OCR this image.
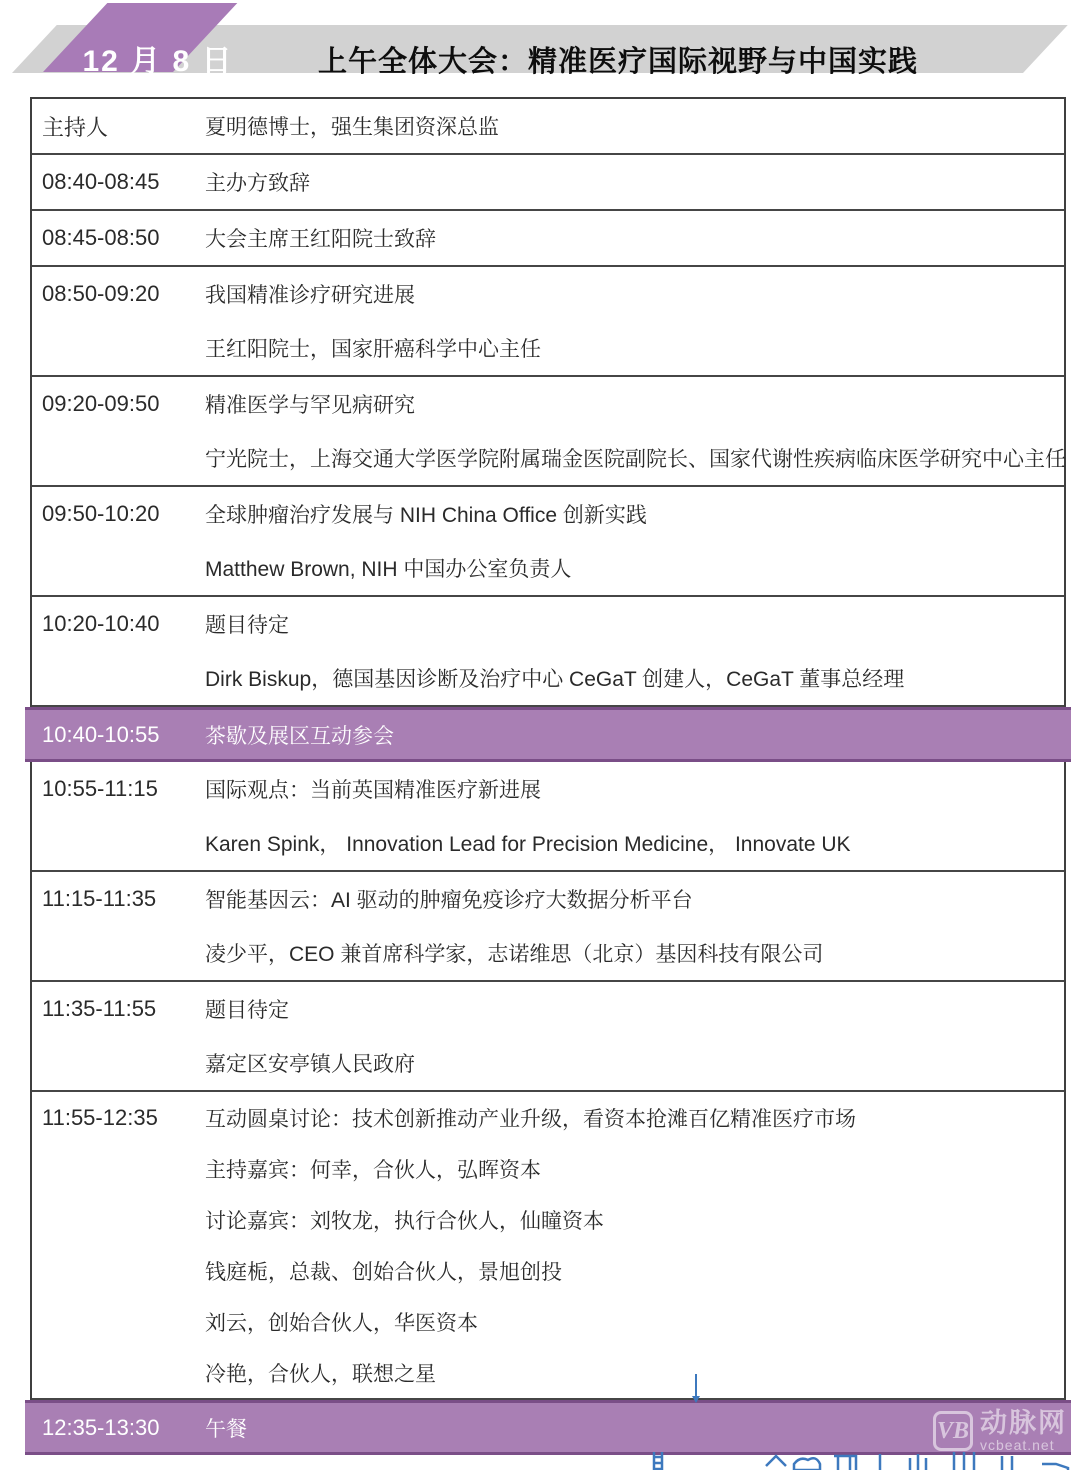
12 月 8 日	上午全体大会：精准医疗国际视野与中国实践
主持人	夏明德博士，强生集团资深总监
08:40-08:45	主办方致辞
08:45-08:50	大会主席王红阳院士致辞
08:50-09:20	我国精准诊疗研究进展
王红阳院士，国家肝癌科学中心主任
09:20-09:50	精准医学与罕见病研究
宁光院士，上海交通大学医学院附属瑞金医院副院长、国家代谢性疾病临床医学研究中心主任
09:50-10:20	全球肿瘤治疗发展与 NIH China Office 创新实践
Matthew Brown, NIH 中国办公室负责人
10:20-10:40	题目待定
Dirk Biskup，德国基因诊断及治疗中心 CeGaT 创建人，CeGaT 董事总经理
10:40-10:55	茶歇及展区互动参会
10:55-11:15	国际观点：当前英国精准医疗新进展
Karen Spink， Innovation Lead for Precision Medicine， Innovate UK
11:15-11:35	智能基因云：AI 驱动的肿瘤免疫诊疗大数据分析平台
凌少平，CEO 兼首席科学家，志诺维思（北京）基因科技有限公司
11:35-11:55	题目待定
嘉定区安亭镇人民政府
11:55-12:35	互动圆桌讨论：技术创新推动产业升级，看资本抢滩百亿精准医疗市场
主持嘉宾：何幸，合伙人，弘晖资本
讨论嘉宾：刘牧龙，执行合伙人，仙瞳资本
钱庭栀，总裁、创始合伙人，景旭创投
刘云，创始合伙人，华医资本
冷艳，合伙人，联想之星
12:35-13:30	午餐	VB 动脉网
vcbeat.net
